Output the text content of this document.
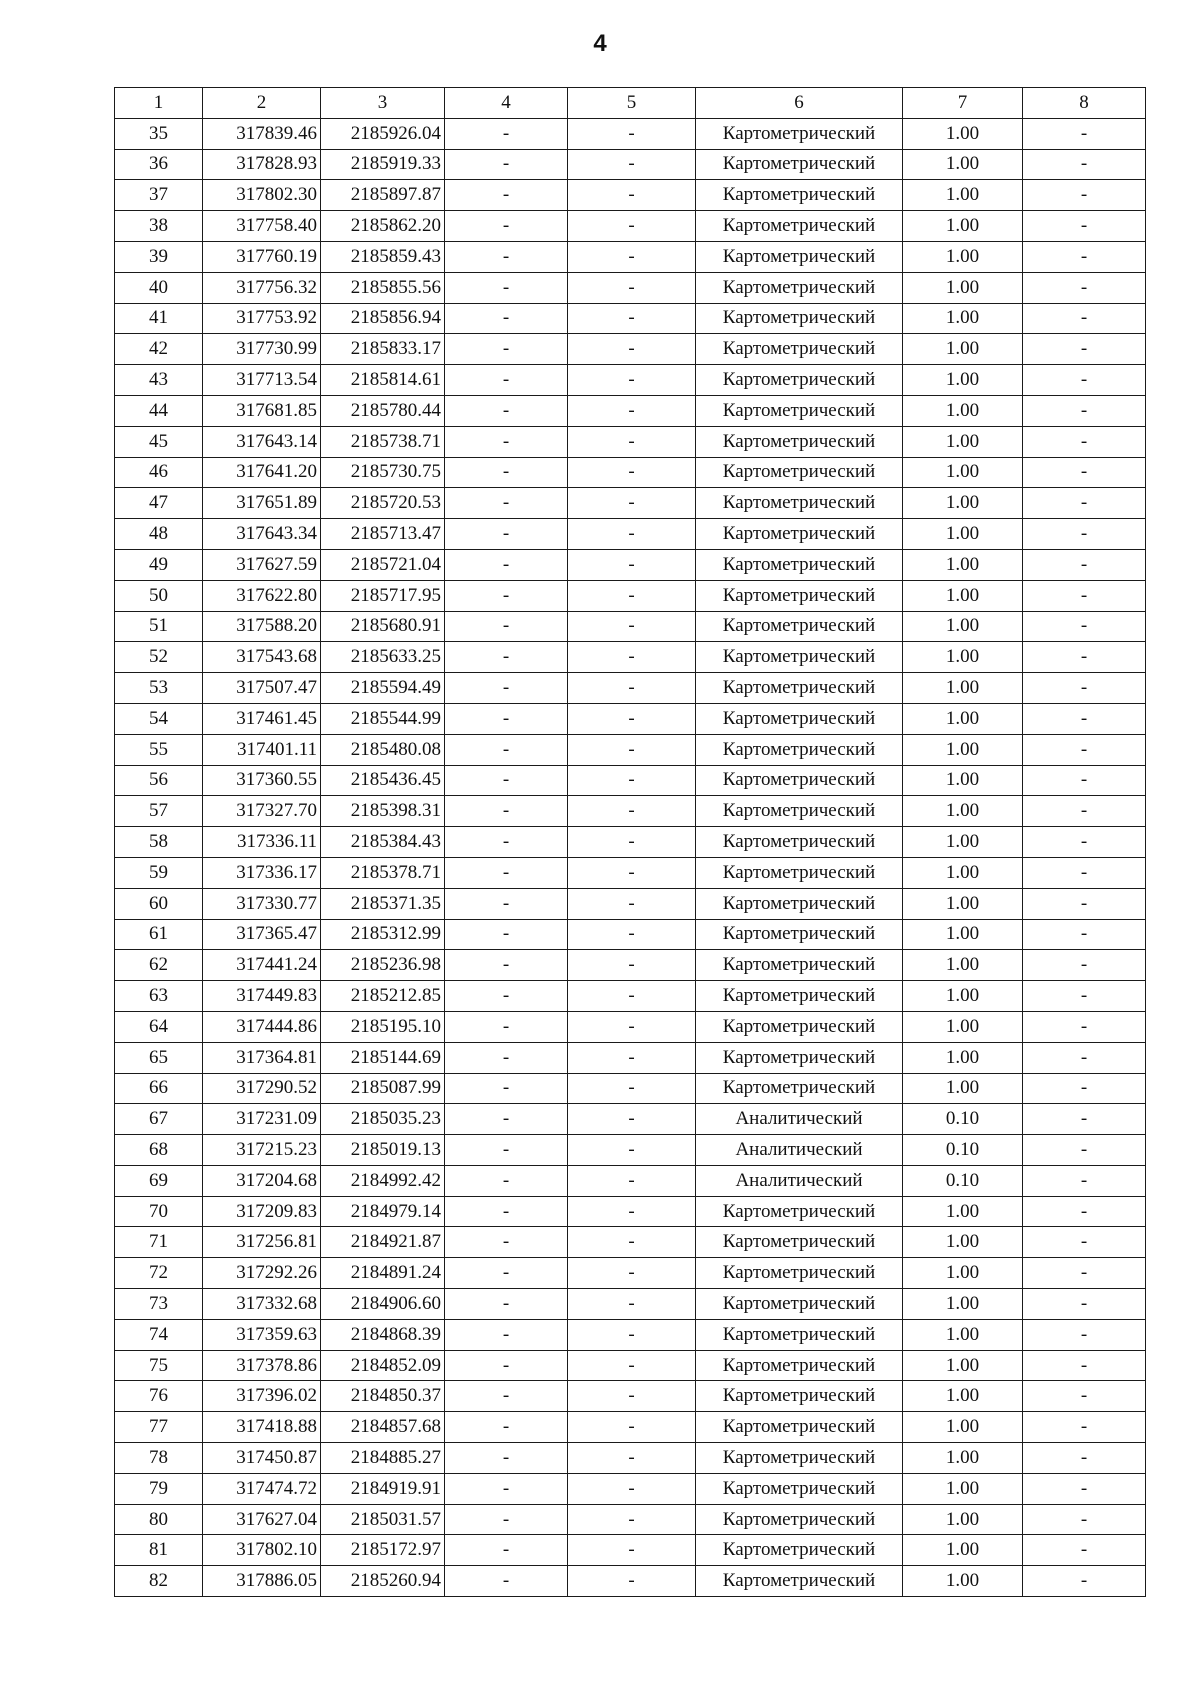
4
1	2	3	4	5	6	7	8
35	317839.46	2185926.04	-	-	Картометрический	1.00	-
36	317828.93	2185919.33	-	-	Картометрический	1.00	-
37	317802.30	2185897.87	-	-	Картометрический	1.00	-
38	317758.40	2185862.20	-	-	Картометрический	1.00	-
39	317760.19	2185859.43	-	-	Картометрический	1.00	-
40	317756.32	2185855.56	-	-	Картометрический	1.00	-
41	317753.92	2185856.94	-	-	Картометрический	1.00	-
42	317730.99	2185833.17	-	-	Картометрический	1.00	-
43	317713.54	2185814.61	-	-	Картометрический	1.00	-
44	317681.85	2185780.44	-	-	Картометрический	1.00	-
45	317643.14	2185738.71	-	-	Картометрический	1.00	-
46	317641.20	2185730.75	-	-	Картометрический	1.00	-
47	317651.89	2185720.53	-	-	Картометрический	1.00	-
48	317643.34	2185713.47	-	-	Картометрический	1.00	-
49	317627.59	2185721.04	-	-	Картометрический	1.00	-
50	317622.80	2185717.95	-	-	Картометрический	1.00	-
51	317588.20	2185680.91	-	-	Картометрический	1.00	-
52	317543.68	2185633.25	-	-	Картометрический	1.00	-
53	317507.47	2185594.49	-	-	Картометрический	1.00	-
54	317461.45	2185544.99	-	-	Картометрический	1.00	-
55	317401.11	2185480.08	-	-	Картометрический	1.00	-
56	317360.55	2185436.45	-	-	Картометрический	1.00	-
57	317327.70	2185398.31	-	-	Картометрический	1.00	-
58	317336.11	2185384.43	-	-	Картометрический	1.00	-
59	317336.17	2185378.71	-	-	Картометрический	1.00	-
60	317330.77	2185371.35	-	-	Картометрический	1.00	-
61	317365.47	2185312.99	-	-	Картометрический	1.00	-
62	317441.24	2185236.98	-	-	Картометрический	1.00	-
63	317449.83	2185212.85	-	-	Картометрический	1.00	-
64	317444.86	2185195.10	-	-	Картометрический	1.00	-
65	317364.81	2185144.69	-	-	Картометрический	1.00	-
66	317290.52	2185087.99	-	-	Картометрический	1.00	-
67	317231.09	2185035.23	-	-	Аналитический	0.10	-
68	317215.23	2185019.13	-	-	Аналитический	0.10	-
69	317204.68	2184992.42	-	-	Аналитический	0.10	-
70	317209.83	2184979.14	-	-	Картометрический	1.00	-
71	317256.81	2184921.87	-	-	Картометрический	1.00	-
72	317292.26	2184891.24	-	-	Картометрический	1.00	-
73	317332.68	2184906.60	-	-	Картометрический	1.00	-
74	317359.63	2184868.39	-	-	Картометрический	1.00	-
75	317378.86	2184852.09	-	-	Картометрический	1.00	-
76	317396.02	2184850.37	-	-	Картометрический	1.00	-
77	317418.88	2184857.68	-	-	Картометрический	1.00	-
78	317450.87	2184885.27	-	-	Картометрический	1.00	-
79	317474.72	2184919.91	-	-	Картометрический	1.00	-
80	317627.04	2185031.57	-	-	Картометрический	1.00	-
81	317802.10	2185172.97	-	-	Картометрический	1.00	-
82	317886.05	2185260.94	-	-	Картометрический	1.00	-
